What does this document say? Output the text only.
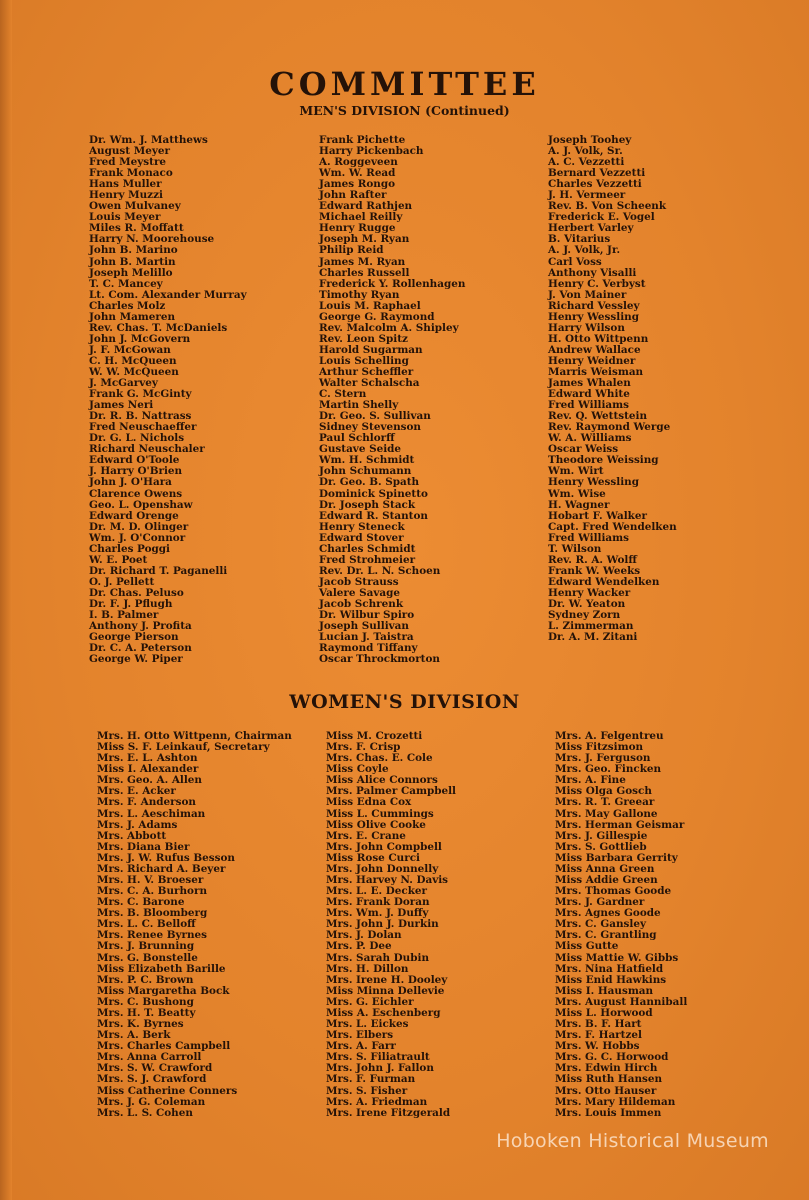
COMMITTEE
MEN'S DIVISION (Continued)
Dr. Wm. J. Matthews
August Meyer
Fred Meystre
Frank Monaco
Hans Muller
Henry Muzzi
Owen Mulvaney
Louis Meyer
Miles R. Moffatt
Harry N. Moorehouse
John B. Marino
John B. Martin
Joseph Melillo
T. C. Mancey
Lt. Com. Alexander Murray
Charles Molz
John Mameren
Rev. Chas. T. McDaniels
John J. McGovern
J. F. McGowan
C. H. McQueen
W. W. McQueen
J. McGarvey
Frank G. McGinty
James Neri
Dr. R. B. Nattrass
Fred Neuschaeffer
Dr. G. L. Nichols
Richard Neuschaler
Edward O'Toole
J. Harry O'Brien
John J. O'Hara
Clarence Owens
Geo. L. Openshaw
Edward Orenge
Dr. M. D. Olinger
Wm. J. O'Connor
Charles Poggi
W. E. Poet
Dr. Richard T. Paganelli
O. J. Pellett
Dr. Chas. Peluso
Dr. F. J. Pflugh
I. B. Palmer
Anthony J. Profita
George Pierson
Dr. C. A. Peterson
George W. Piper
Frank Pichette
Harry Pickenbach
A. Roggeveen
Wm. W. Read
James Rongo
John Rafter
Edward Rathjen
Michael Reilly
Henry Rugge
Joseph M. Ryan
Philip Reid
James M. Ryan
Charles Russell
Frederick Y. Rollenhagen
Timothy Ryan
Louis M. Raphael
George G. Raymond
Rev. Malcolm A. Shipley
Rev. Leon Spitz
Harold Sugarman
Louis Schelling
Arthur Scheffler
Walter Schalscha
C. Stern
Martin Shelly
Dr. Geo. S. Sullivan
Sidney Stevenson
Paul Schlorff
Gustave Seide
Wm. H. Schmidt
John Schumann
Dr. Geo. B. Spath
Dominick Spinetto
Dr. Joseph Stack
Edward R. Stanton
Henry Steneck
Edward Stover
Charles Schmidt
Fred Strohmeier
Rev. Dr. L. N. Schoen
Jacob Strauss
Valere Savage
Jacob Schrenk
Dr. Wilbur Spiro
Joseph Sullivan
Lucian J. Taistra
Raymond Tiffany
Oscar Throckmorton
Joseph Toohey
A. J. Volk, Sr.
A. C. Vezzetti
Bernard Vezzetti
Charles Vezzetti
J. H. Vermeer
Rev. B. Von Scheenk
Frederick E. Vogel
Herbert Varley
B. Vitarius
A. J. Volk, Jr.
Carl Voss
Anthony Visalli
Henry C. Verbyst
J. Von Mainer
Richard Vessley
Henry Wessling
Harry Wilson
H. Otto Wittpenn
Andrew Wallace
Henry Weidner
Marris Weisman
James Whalen
Edward White
Fred Williams
Rev. Q. Wettstein
Rev. Raymond Werge
W. A. Williams
Oscar Weiss
Theodore Weissing
Wm. Wirt
Henry Wessling
Wm. Wise
H. Wagner
Hobart F. Walker
Capt. Fred Wendelken
Fred Williams
T. Wilson
Rev. R. A. Wolff
Frank W. Weeks
Edward Wendelken
Henry Wacker
Dr. W. Yeaton
Sydney Zorn
L. Zimmerman
Dr. A. M. Zitani
WOMEN'S DIVISION
Mrs. H. Otto Wittpenn, Chairman
Miss S. F. Leinkauf, Secretary
Mrs. E. L. Ashton
Miss I. Alexander
Mrs. Geo. A. Allen
Mrs. E. Acker
Mrs. F. Anderson
Mrs. L. Aeschiman
Mrs. J. Adams
Mrs. Abbott
Mrs. Diana Bier
Mrs. J. W. Rufus Besson
Mrs. Richard A. Beyer
Mrs. H. V. Broeser
Mrs. C. A. Burhorn
Mrs. C. Barone
Mrs. B. Bloomberg
Mrs. L. C. Belloff
Mrs. Renee Byrnes
Mrs. J. Brunning
Mrs. G. Bonstelle
Miss Elizabeth Barille
Mrs. P. C. Brown
Miss Margaretha Bock
Mrs. C. Bushong
Mrs. H. T. Beatty
Mrs. K. Byrnes
Mrs. A. Berk
Mrs. Charles Campbell
Mrs. Anna Carroll
Mrs. S. W. Crawford
Mrs. S. J. Crawford
Miss Catherine Conners
Mrs. J. G. Coleman
Mrs. L. S. Cohen
Miss M. Crozetti
Mrs. F. Crisp
Mrs. Chas. E. Cole
Miss Coyle
Miss Alice Connors
Mrs. Palmer Campbell
Miss Edna Cox
Miss L. Cummings
Miss Olive Cooke
Mrs. E. Crane
Mrs. John Compbell
Miss Rose Curci
Mrs. John Donnelly
Mrs. Harvey N. Davis
Mrs. L. E. Decker
Mrs. Frank Doran
Mrs. Wm. J. Duffy
Mrs. John J. Durkin
Mrs. J. Dolan
Mrs. P. Dee
Mrs. Sarah Dubin
Mrs. H. Dillon
Mrs. Irene H. Dooley
Miss Minna Dellevie
Mrs. G. Eichler
Miss A. Eschenberg
Mrs. L. Eickes
Mrs. Elbers
Mrs. A. Farr
Mrs. S. Filiatrault
Mrs. John J. Fallon
Mrs. F. Furman
Mrs. S. Fisher
Mrs. A. Friedman
Mrs. Irene Fitzgerald
Mrs. A. Felgentreu
Miss Fitzsimon
Mrs. J. Ferguson
Mrs. Geo. Fincken
Mrs. A. Fine
Miss Olga Gosch
Mrs. R. T. Greear
Mrs. May Gallone
Mrs. Herman Geismar
Mrs. J. Gillespie
Mrs. S. Gottlieb
Miss Barbara Gerrity
Miss Anna Green
Miss Addie Green
Mrs. Thomas Goode
Mrs. J. Gardner
Mrs. Agnes Goode
Mrs. C. Gansley
Mrs. C. Grantling
Miss Gutte
Miss Mattie W. Gibbs
Mrs. Nina Hatfield
Miss Enid Hawkins
Miss I. Hausman
Mrs. August Hanniball
Miss L. Horwood
Mrs. B. F. Hart
Mrs. F. Hartzel
Mrs. W. Hobbs
Mrs. G. C. Horwood
Mrs. Edwin Hirch
Miss Ruth Hansen
Mrs. Otto Hauser
Mrs. Mary Hildeman
Mrs. Louis Immen
Hoboken Historical Museum
